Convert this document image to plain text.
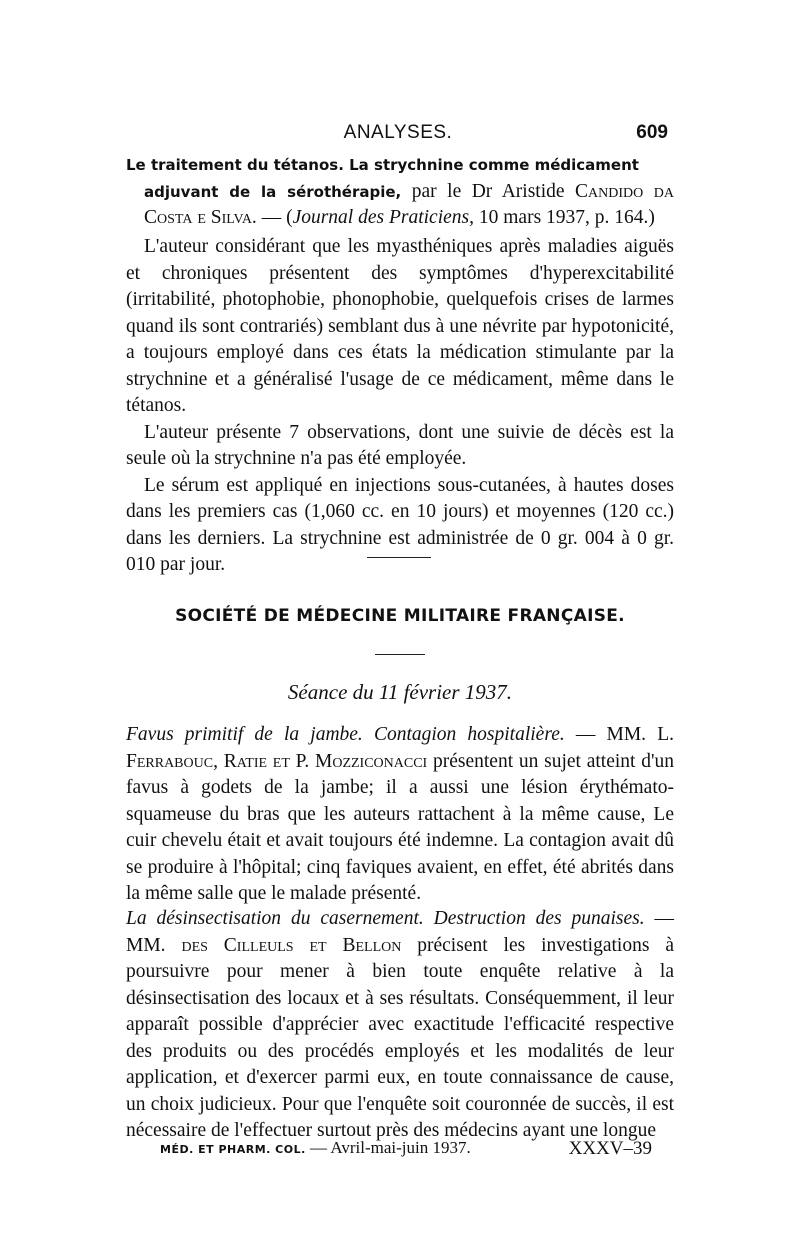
ANALYSES.	609
Le traitement du tétanos. La strychnine comme médicament
adjuvant de la sérothérapie, par le Dr Aristide Candido da Costa e Silva. — (Journal des Praticiens, 10 mars 1937, p. 164.)

L'auteur considérant que les myasthéniques après maladies aiguës et chroniques présentent des symptômes d'hyperexcitabilité (irritabilité, photophobie, phonophobie, quelquefois crises de larmes quand ils sont contrariés) semblant dus à une névrite par hypotonicité, a toujours employé dans ces états la médication stimulante par la strychnine et a généralisé l'usage de ce médicament, même dans le tétanos.

L'auteur présente 7 observations, dont une suivie de décès est la seule où la strychnine n'a pas été employée.

Le sérum est appliqué en injections sous-cutanées, à hautes doses dans les premiers cas (1,060 cc. en 10 jours) et moyennes (120 cc.) dans les derniers. La strychnine est administrée de 0 gr. 004 à 0 gr. 010 par jour.

SOCIÉTÉ DE MÉDECINE MILITAIRE FRANÇAISE.
Séance du 11 février 1937.

Favus primitif de la jambe. Contagion hospitalière. — MM. L. Ferrabouc, Ratie et P. Mozziconacci présentent un sujet atteint d'un favus à godets de la jambe; il a aussi une lésion érythémato-squameuse du bras que les auteurs rattachent à la même cause, Le cuir chevelu était et avait toujours été indemne. La contagion avait dû se produire à l'hôpital; cinq faviques avaient, en effet, été abrités dans la même salle que le malade présenté.

La désinsectisation du casernement. Destruction des punaises. — MM. des Cilleuls et Bellon précisent les investigations à poursuivre pour mener à bien toute enquête relative à la désinsectisation des locaux et à ses résultats. Conséquemment, il leur apparaît possible d'apprécier avec exactitude l'efficacité respective des produits ou des procédés employés et les modalités de leur application, et d'exercer parmi eux, en toute connaissance de cause, un choix judicieux. Pour que l'enquête soit couronnée de succès, il est nécessaire de l'effectuer surtout près des médecins ayant une longue

MÉD. ET PHARM. COL. — Avril-mai-juin 1937.	XXXV–39
